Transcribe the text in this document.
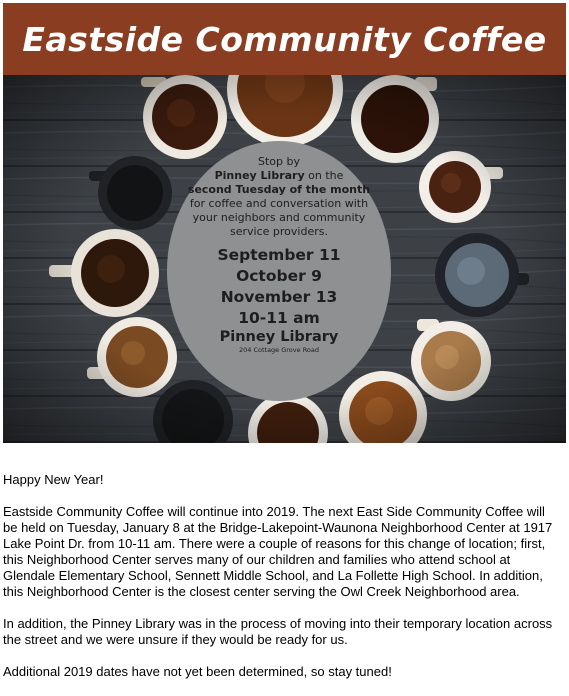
Eastside Community Coffee
Stop by
Pinney Library on the
second Tuesday of the month
for coffee and conversation with
your neighbors and community
service providers.
September 11
October 9
November 13
10-11 am
Pinney Library
204 Cottage Grove Road

Happy New Year!

Eastside Community Coffee will continue into 2019. The next East Side Community Coffee will
be held on Tuesday, January 8 at the Bridge-Lakepoint-Waunona Neighborhood Center at 1917
Lake Point Dr. from 10-11 am. There were a couple of reasons for this change of location; first,
this Neighborhood Center serves many of our children and families who attend school at
Glendale Elementary School, Sennett Middle School, and La Follette High School. In addition,
this Neighborhood Center is the closest center serving the Owl Creek Neighborhood area.

In addition, the Pinney Library was in the process of moving into their temporary location across
the street and we were unsure if they would be ready for us.

Additional 2019 dates have not yet been determined, so stay tuned!
